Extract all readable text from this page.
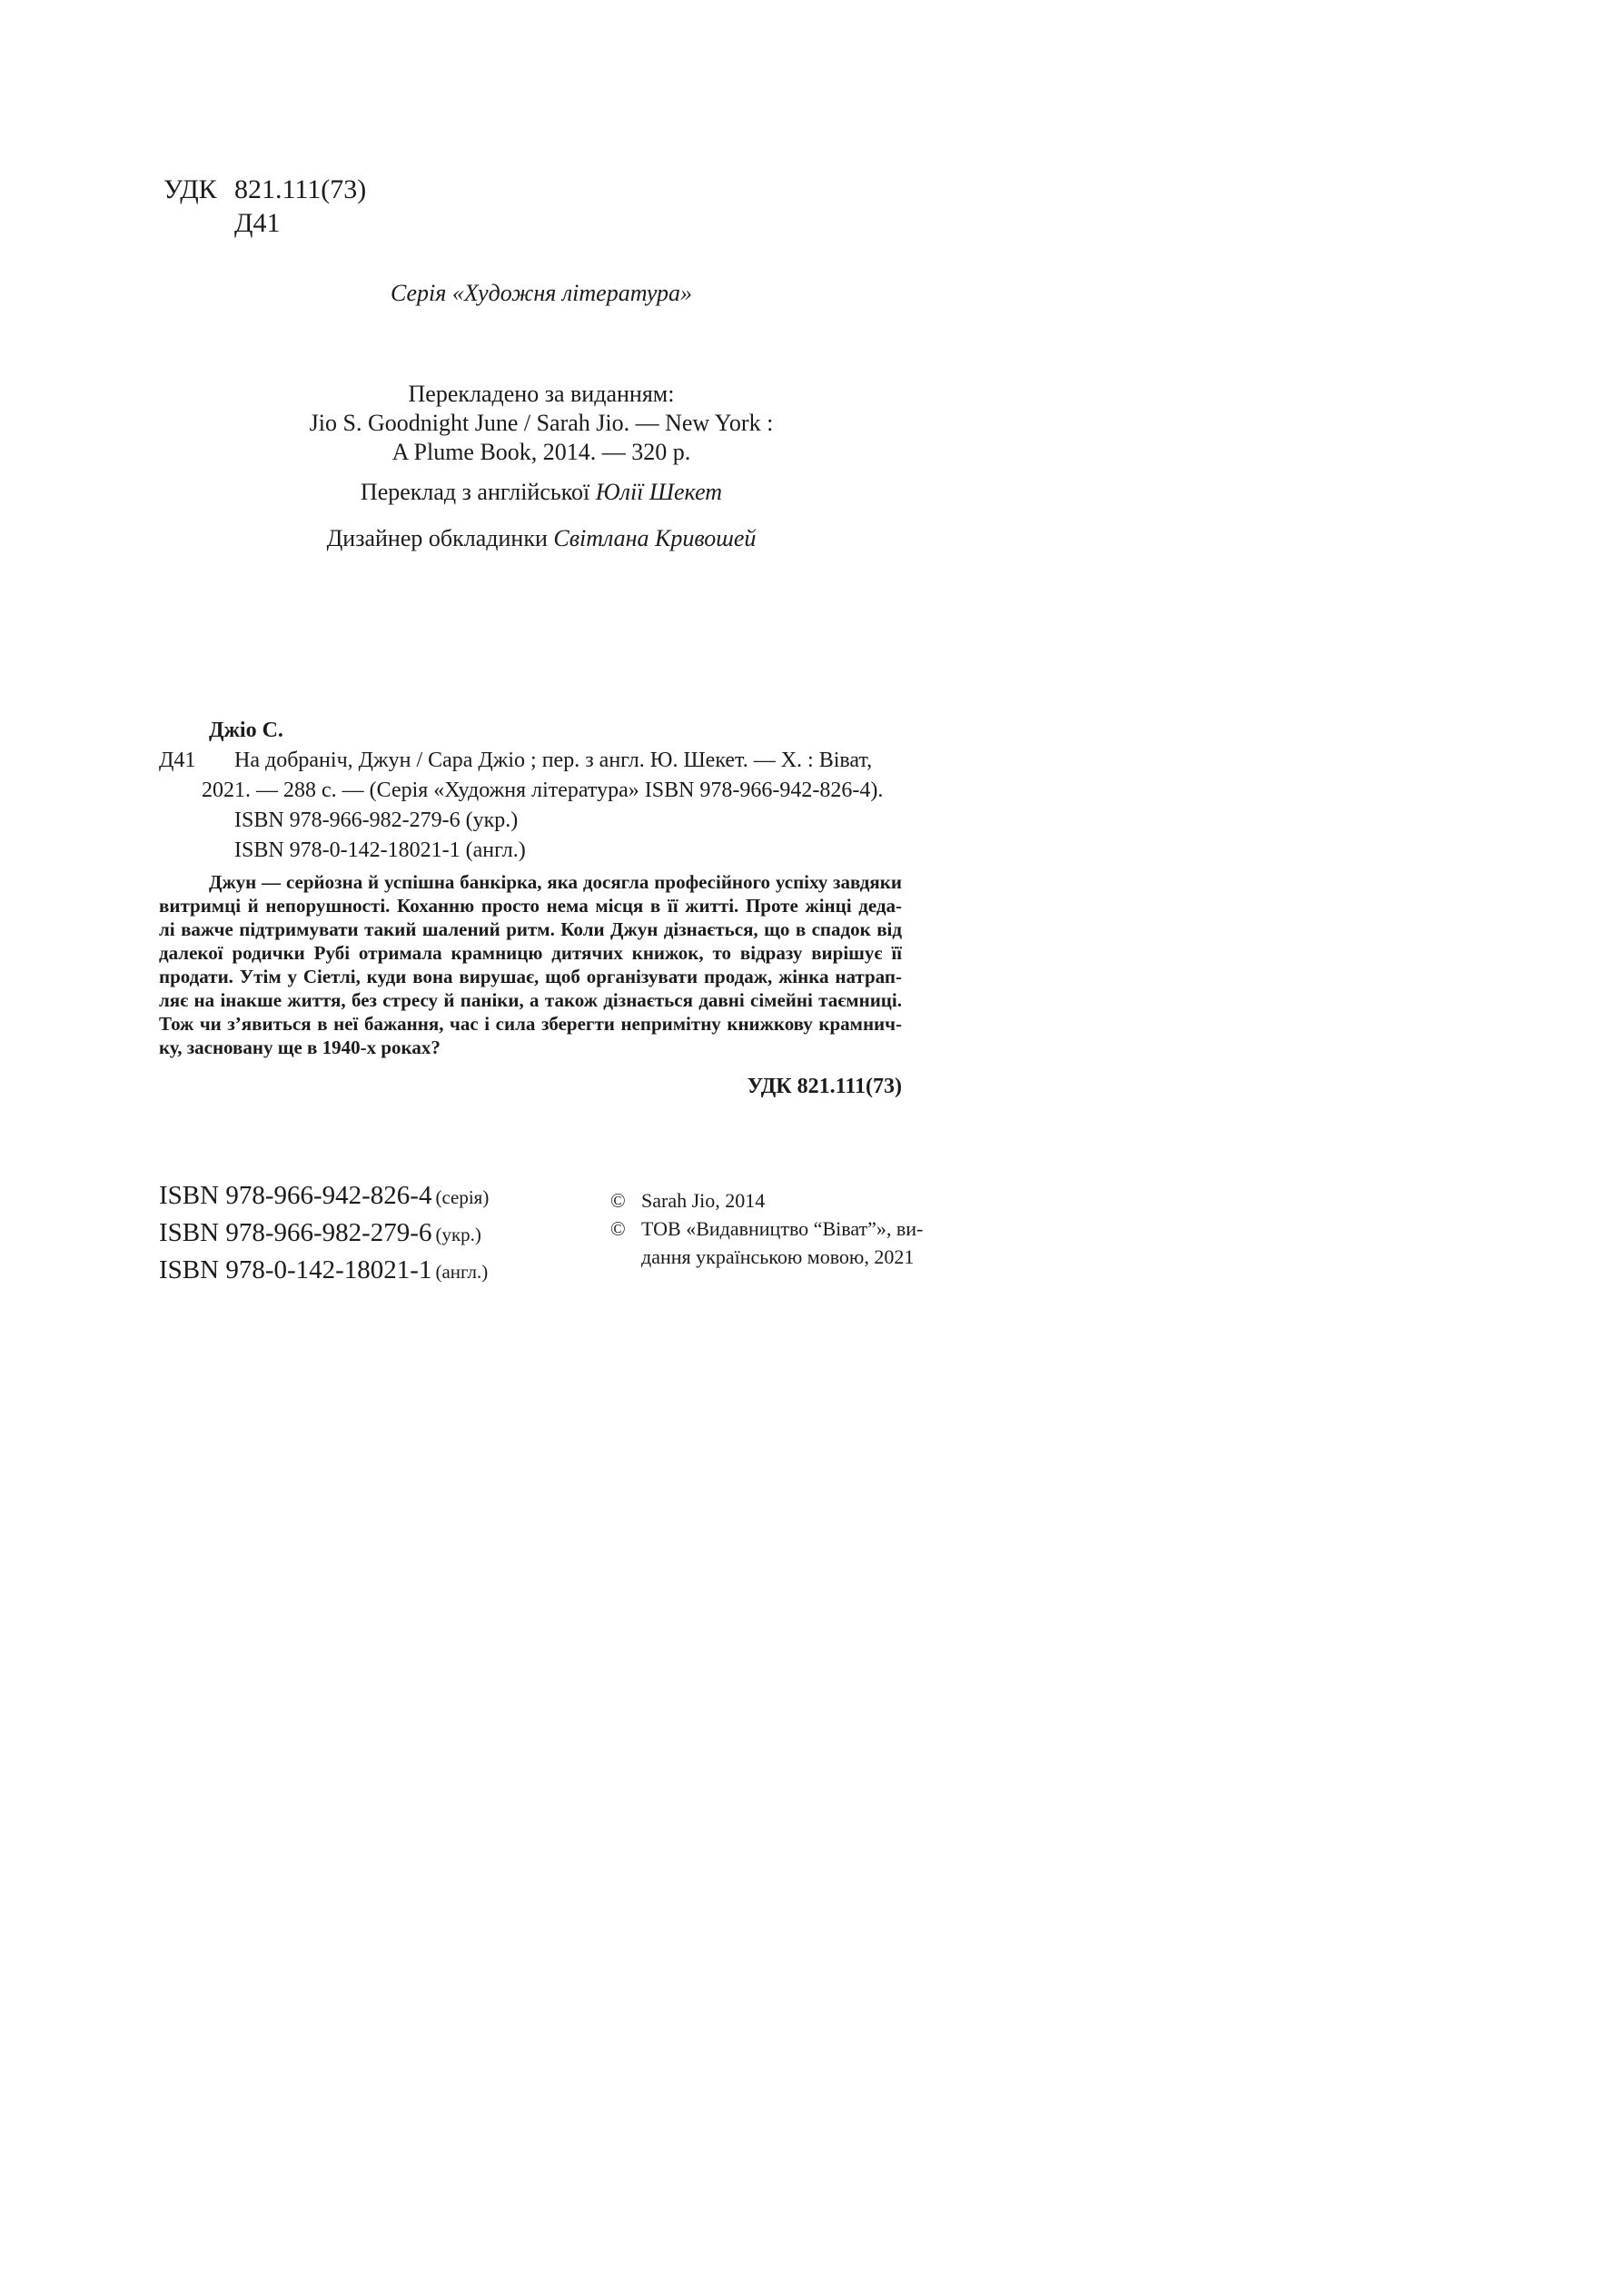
УДК 821.111(73)
Д41
Серія «Художня література»
Перекладено за виданням:
Jio S. Goodnight June / Sarah Jio. — New York :
A Plume Book, 2014. — 320 р.
Переклад з англійської Юлії Шекет
Дизайнер обкладинки Світлана Кривошей
Джіо С.
Д41 На добраніч, Джун / Сара Джіо ; пер. з англ. Ю. Шекет. — Х. : Віват,
2021. — 288 с. — (Серія «Художня література» ISBN 978-966-942-826-4).
ISBN 978-966-982-279-6 (укр.)
ISBN 978-0-142-18021-1 (англ.)
Джун — серйозна й успішна банкірка, яка досягла професійного успіху завдяки
витримці й непорушності. Коханню просто нема місця в її житті. Проте жінці деда-
лі важче підтримувати такий шалений ритм. Коли Джун дізнається, що в спадок від
далекої родички Рубі отримала крамницю дитячих книжок, то відразу вирішує її
продати. Утім у Сіетлі, куди вона вирушає, щоб організувати продаж, жінка натрап-
ляє на інакше життя, без стресу й паніки, а також дізнається давні сімейні таємниці.
Тож чи з’явиться в неї бажання, час і сила зберегти непримітну книжкову крамнич-
ку, засновану ще в 1940-х роках?
УДК 821.111(73)
ISBN 978-966-942-826-4 (серія)
ISBN 978-966-982-279-6 (укр.)
ISBN 978-0-142-18021-1 (англ.)
© Sarah Jio, 2014
© ТОВ «Видавництво “Віват”», ви-
дання українською мовою, 2021
